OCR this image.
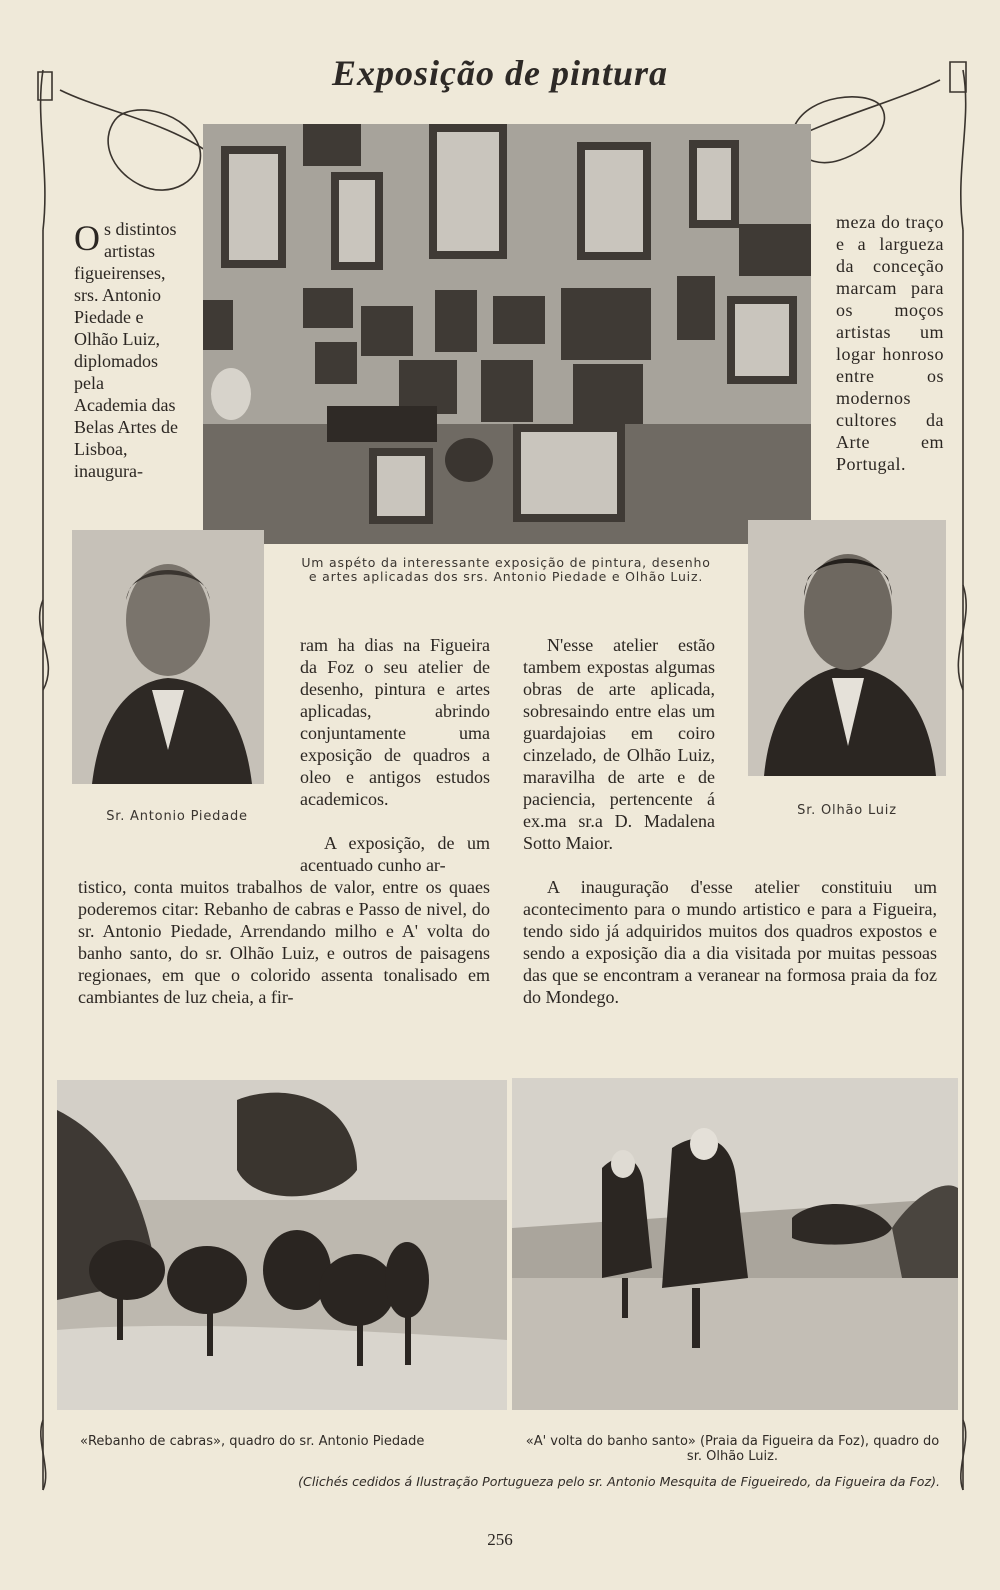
Exposição de pintura
Os distintos artistas figueirenses, srs. Antonio Piedade e Olhão Luiz, diplomados pela Academia das Belas Artes de Lisboa, inaugura-
meza do traço e a largueza da conceção marcam para os moços artistas um logar honroso entre os modernos cultores da Arte em Portugal.
Sr. Antonio Piedade	Sr. Olhão Luiz
Um aspéto da interessante exposição de pintura, desenho e artes aplicadas dos srs. Antonio Piedade e Olhão Luiz.
ram ha dias na Figueira da Foz o seu atelier de desenho, pintura e artes aplicadas, abrindo conjuntamente uma exposição de quadros a oleo e antigos estudos academicos.
A exposição, de um acentuado cunho ar-
tistico, conta muitos trabalhos de valor, entre os quaes poderemos citar: Rebanho de cabras e Passo de nivel, do sr. Antonio Piedade, Arrendando milho e A' volta do banho santo, do sr. Olhão Luiz, e outros de paisagens regionaes, em que o colorido assenta tonalisado em cambiantes de luz cheia, a fir-
N'esse atelier estão tambem expostas algumas obras de arte aplicada, sobresaindo entre elas um guardajoias em coiro cinzelado, de Olhão Luiz, maravilha de arte e de paciencia, pertencente á ex.ma sr.a D. Madalena Sotto Maior.
A inauguração d'esse atelier constituiu um acontecimento para o mundo artistico e para a Figueira, tendo sido já adquiridos muitos dos quadros expostos e sendo a exposição dia a dia visitada por muitas pessoas das que se encontram a veranear na formosa praia da foz do Mondego.
«Rebanho de cabras», quadro do sr. Antonio Piedade	«A' volta do banho santo» (Praia da Figueira da Foz), quadro do sr. Olhão Luiz.
(Clichés cedidos á Ilustração Portugueza pelo sr. Antonio Mesquita de Figueiredo, da Figueira da Foz).
256
